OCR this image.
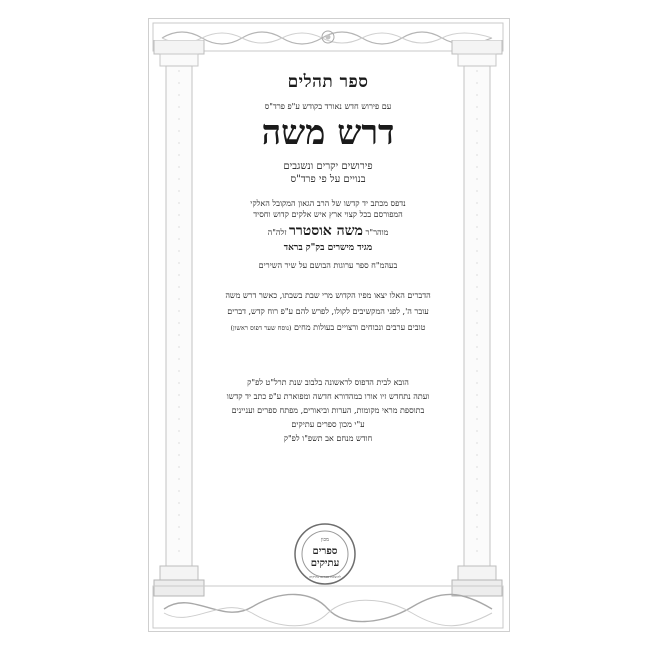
ספר תהלים
עם פירוש חדש נאורד בקודש ע"פ פרד"ס
דרש משה
פירושים יקרים ונשגבים
בנויים על פי פרד"ס
נדפס מכתב יד קדשו של הרב הגאון המקובל האלקי
המפורסם בכל קצוי ארץ איש אלקים קדוש וחסיד
מוהר"ר משה אוסטרר זלה"ה
מגיד מישרים בק"ק בראד
בעהמ"ח ספר ערוגות הבושם על שיר השירים
הדברים האלו יצאו מפיו הקדוש מרי שבת בשבתו, כאשר דרש משה
עובר ה', לפני המקשיבים לקולו, לפרש להם ע"פ רוח קדש, דברים
טובים ערבים ונכוחים ורצויים בעולות מחים (נוסח שער דפוס ראשון)
הובא לבית הדפוס לראשונה בלבוב שנת תרל"ט לפ"ק
ועתה נתחדש זיו אורו במהדורא חדשה ומפוארת ע"פ כתב יד קדשו
בתוספת מראי מקומות, הערות וביאורים, מפתח ספרים ועניינים
ע"י מכון ספרים עתיקים
חודש מנחם אב תשפ"ו לפ"ק
מכון
ספרים
עתיקים
להוצאת ספרים עתיקים
